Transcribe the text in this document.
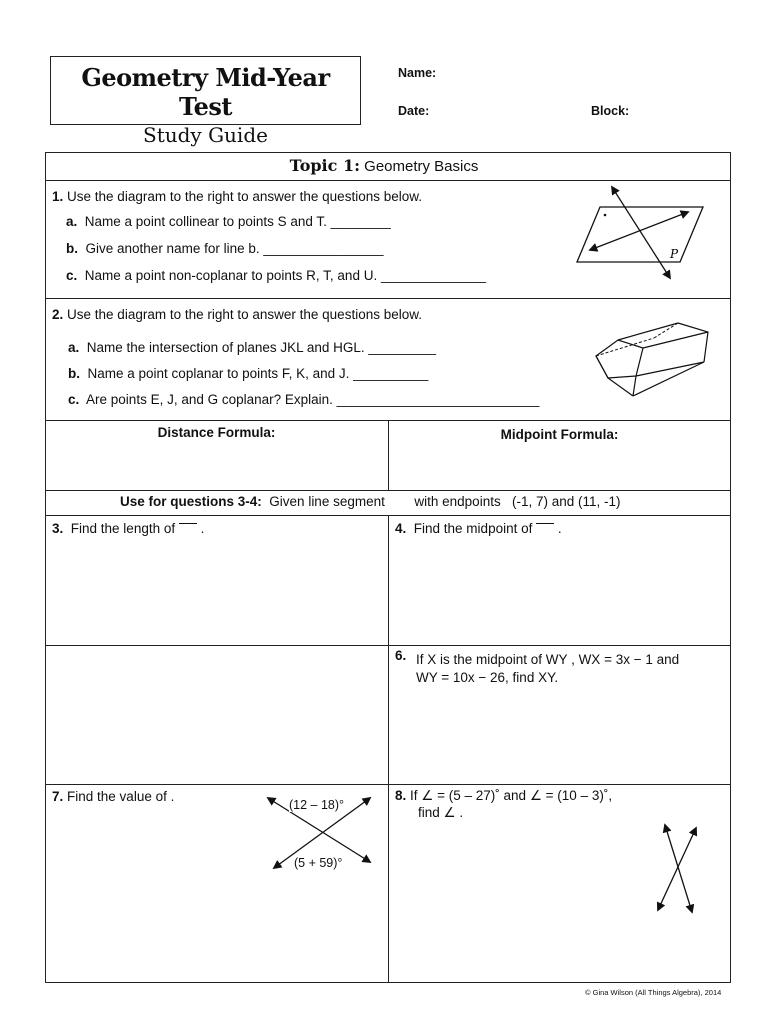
Geometry Mid-Year Test
Study Guide
Name:
Date:	Block:
Topic 1: Geometry Basics
1. Use the diagram to the right to answer the questions below.
a. Name a point collinear to points S and T. ________
b. Give another name for line b. ________________
c. Name a point non-coplanar to points R, T, and U. ______________
P
2. Use the diagram to the right to answer the questions below.
a. Name the intersection of planes JKL and HGL. _________
b. Name a point coplanar to points F, K, and J. __________
c. Are points E, J, and G coplanar? Explain. ___________________________
Distance Formula:	Midpoint Formula:
Use for questions 3-4: Given line segment with endpoints (-1, 7) and (11, -1)
3. Find the length of  .	4. Find the midpoint of  .
6. If X is the midpoint of WY , WX = 3x − 1 and
WY = 10x − 26, find XY.
7. Find the value of .
(12 – 18)°
(5 + 59)°
8. If ∠ = (5 – 27)˚ and ∠ = (10 – 3)˚,
find ∠ .
© Gina Wilson (All Things Algebra), 2014
